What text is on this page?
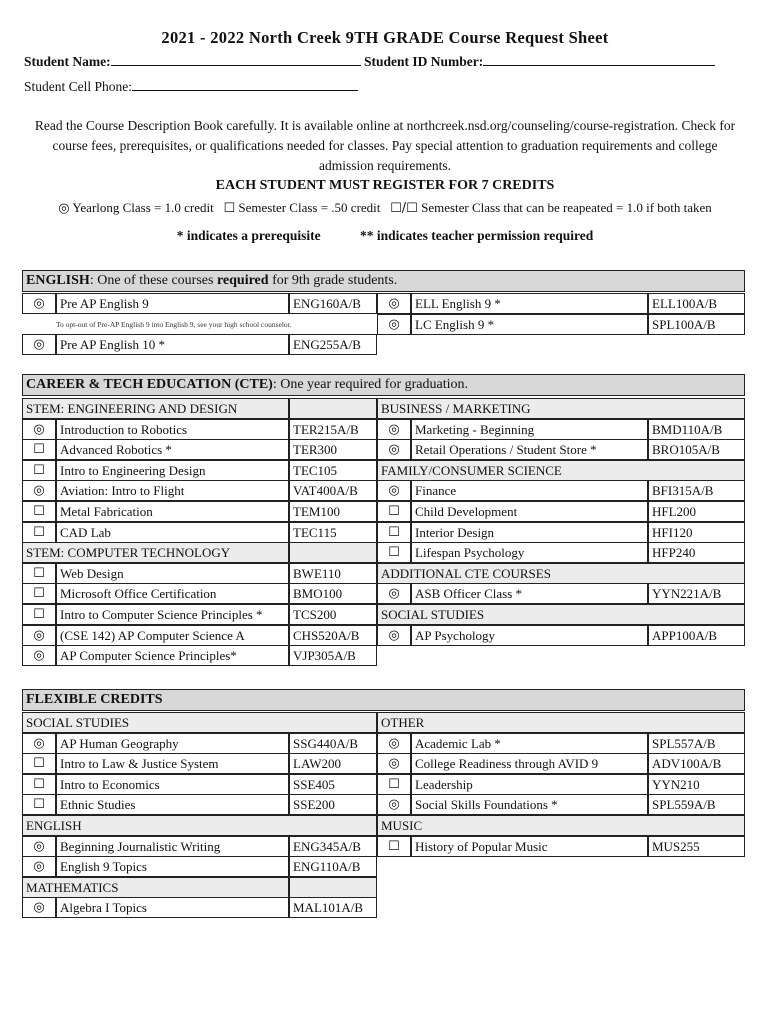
2021 - 2022 North Creek 9TH GRADE Course Request Sheet
Student Name:	Student ID Number:
Student Cell Phone:
Read the Course Description Book carefully. It is available online at northcreek.nsd.org/counseling/course-registration. Check for course fees, prerequisites, or qualifications needed for classes. Pay special attention to graduation requirements and college admission requirements.
EACH STUDENT MUST REGISTER FOR 7 CREDITS
◎ Yearlong Class = 1.0 credit ☐ Semester Class = .50 credit ☐/☐ Semester Class that can be reapeated = 1.0 if both taken
* indicates a prerequisite	** indicates teacher permission required
ENGLISH: One of these courses required for 9th grade students.
◎	Pre AP English 9	ENG160A/B
◎	Pre AP English 10 *	ENG255A/B
◎	ELL English 9 *	ELL100A/B
◎	LC English 9 *	SPL100A/B
To opt-out of Pre-AP English 9 into English 9, see your high school counselor.
CAREER & TECH EDUCATION (CTE): One year required for graduation.
STEM: ENGINEERING AND DESIGN
◎	Introduction to Robotics	TER215A/B
☐	Advanced Robotics *	TER300
☐	Intro to Engineering Design	TEC105
◎	Aviation: Intro to Flight	VAT400A/B
☐	Metal Fabrication	TEM100
☐	CAD Lab	TEC115
STEM: COMPUTER TECHNOLOGY
☐	Web Design	BWE110
☐	Microsoft Office Certification	BMO100
☐	Intro to Computer Science Principles *	TCS200
◎	(CSE 142) AP Computer Science A	CHS520A/B
◎	AP Computer Science Principles*	VJP305A/B
BUSINESS / MARKETING
◎	Marketing - Beginning	BMD110A/B
◎	Retail Operations / Student Store *	BRO105A/B
FAMILY/CONSUMER SCIENCE
◎	Finance	BFI315A/B
☐	Child Development	HFL200
☐	Interior Design	HFI120
☐	Lifespan Psychology	HFP240
ADDITIONAL CTE COURSES
◎	ASB Officer Class *	YYN221A/B
SOCIAL STUDIES
◎	AP Psychology	APP100A/B
FLEXIBLE CREDITS
SOCIAL STUDIES
◎	AP Human Geography	SSG440A/B
☐	Intro to Law & Justice System	LAW200
☐	Intro to Economics	SSE405
☐	Ethnic Studies	SSE200
ENGLISH
◎	Beginning Journalistic Writing	ENG345A/B
◎	English 9 Topics	ENG110A/B
MATHEMATICS
◎	Algebra I Topics	MAL101A/B
OTHER
◎	Academic Lab *	SPL557A/B
◎	College Readiness through AVID 9	ADV100A/B
☐	Leadership	YYN210
◎	Social Skills Foundations *	SPL559A/B
MUSIC
☐	History of Popular Music	MUS255
